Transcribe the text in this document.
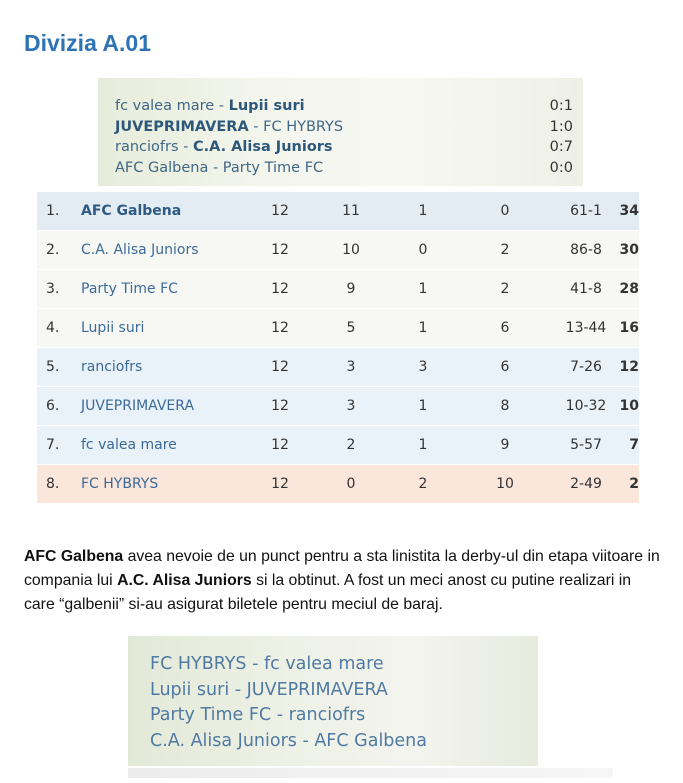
Divizia A.01
fc valea mare - Lupii suri	0:1
JUVEPRIMAVERA - FC HYBRYS	1:0
ranciofrs - C.A. Alisa Juniors	0:7
AFC Galbena - Party Time FC	0:0
1.	AFC Galbena	12	11	1	0	61-1	34
2.	C.A. Alisa Juniors	12	10	0	2	86-8	30
3.	Party Time FC	12	9	1	2	41-8	28
4.	Lupii suri	12	5	1	6	13-44 16
5.	ranciofrs	12	3	3	6	7-26	12
6.	JUVEPRIMAVERA	12	3	1	8	10-32 10
7.	fc valea mare	12	2	1	9	5-57	7
8.	FC HYBRYS	12	0	2	10	2-49	2

AFC Galbena avea nevoie de un punct pentru a sta linistita la derby-ul din etapa viitoare in compania lui A.C. Alisa Juniors si la obtinut. A fost un meci anost cu putine realizari in care “galbenii” si-au asigurat biletele pentru meciul de baraj.

FC HYBRYS - fc valea mare
Lupii suri - JUVEPRIMAVERA
Party Time FC - ranciofrs
C.A. Alisa Juniors - AFC Galbena
